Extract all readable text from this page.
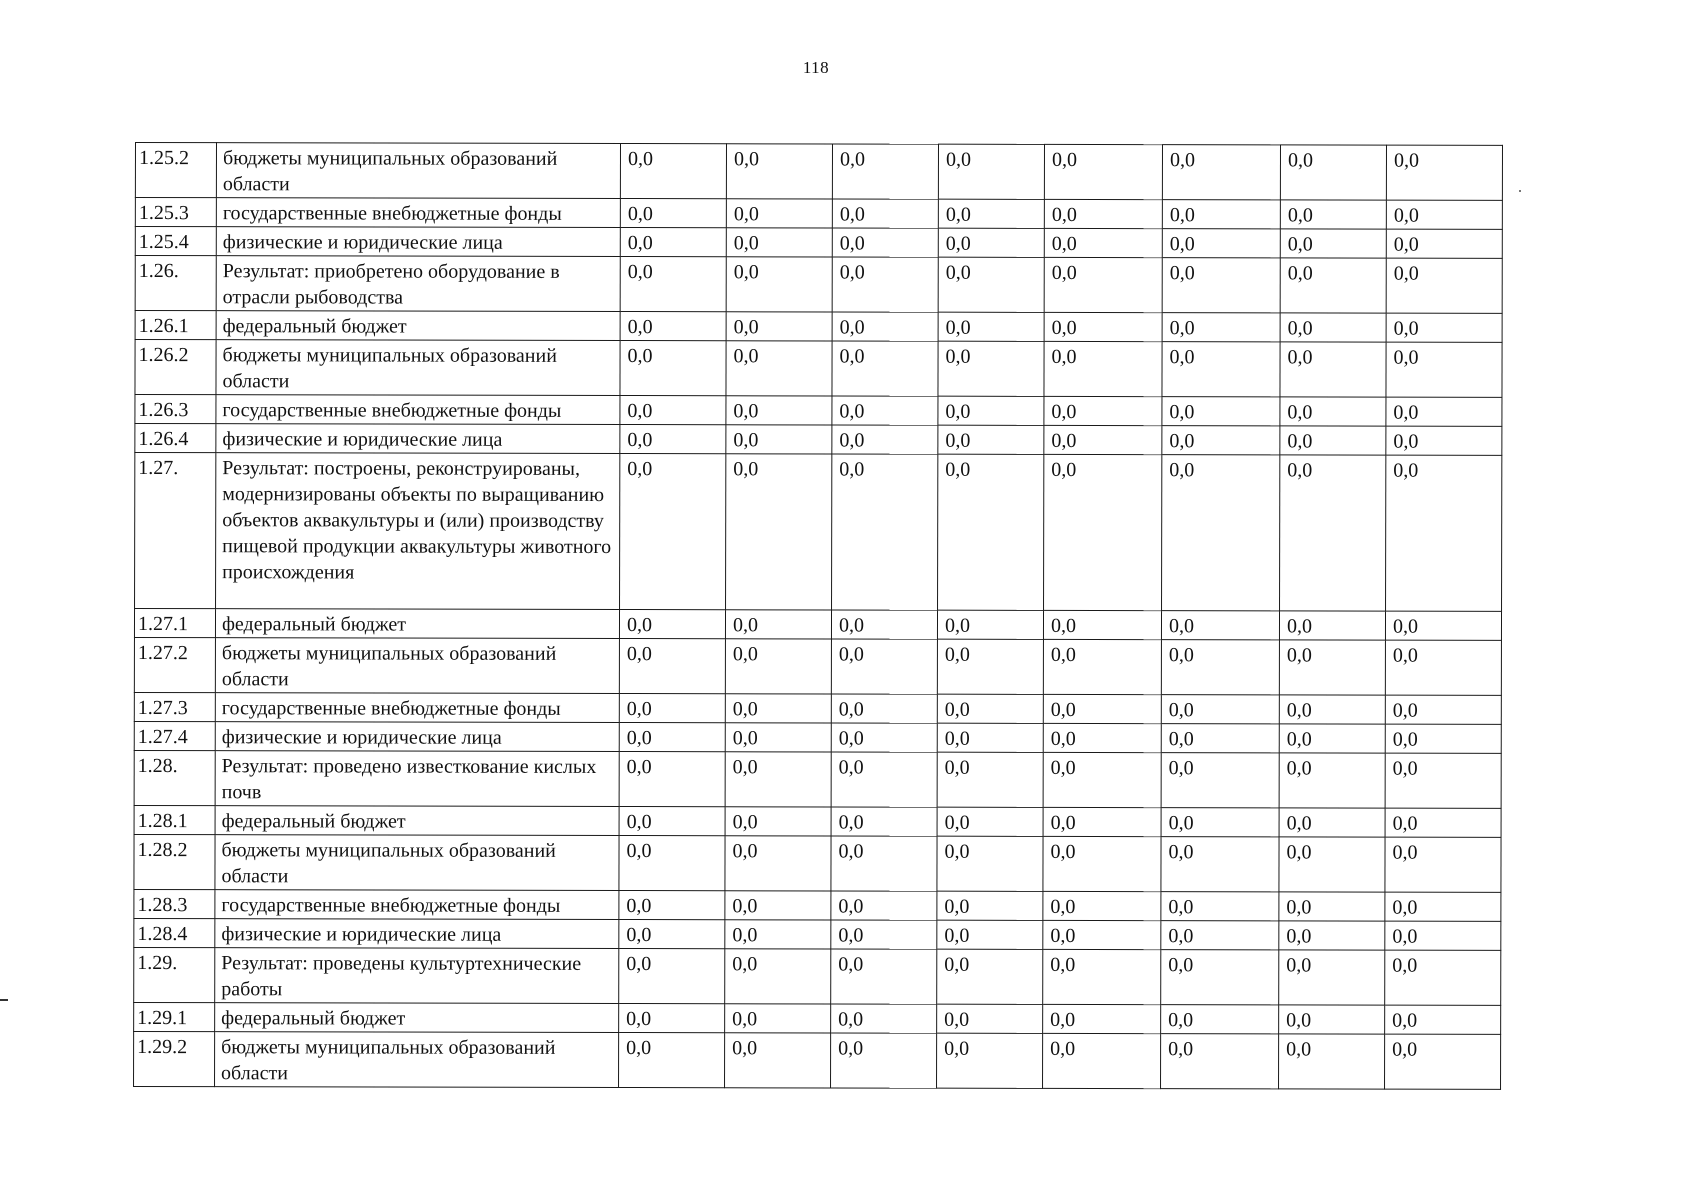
118
1.25.2	бюджеты муниципальных образований области	0,0	0,0	0,0	0,0	0,0	0,0	0,0	0,0
1.25.3	государственные внебюджетные фонды	0,0	0,0	0,0	0,0	0,0	0,0	0,0	0,0
1.25.4	физические и юридические лица	0,0	0,0	0,0	0,0	0,0	0,0	0,0	0,0
1.26.	Результат: приобретено оборудование в отрасли рыбоводства	0,0	0,0	0,0	0,0	0,0	0,0	0,0	0,0
1.26.1	федеральный бюджет	0,0	0,0	0,0	0,0	0,0	0,0	0,0	0,0
1.26.2	бюджеты муниципальных образований области	0,0	0,0	0,0	0,0	0,0	0,0	0,0	0,0
1.26.3	государственные внебюджетные фонды	0,0	0,0	0,0	0,0	0,0	0,0	0,0	0,0
1.26.4	физические и юридические лица	0,0	0,0	0,0	0,0	0,0	0,0	0,0	0,0
1.27.	Результат: построены, реконструированы, модернизированы объекты по выращиванию объектов аквакультуры и (или) производству пищевой продукции аквакультуры животного происхождения	0,0	0,0	0,0	0,0	0,0	0,0	0,0	0,0
1.27.1	федеральный бюджет	0,0	0,0	0,0	0,0	0,0	0,0	0,0	0,0
1.27.2	бюджеты муниципальных образований области	0,0	0,0	0,0	0,0	0,0	0,0	0,0	0,0
1.27.3	государственные внебюджетные фонды	0,0	0,0	0,0	0,0	0,0	0,0	0,0	0,0
1.27.4	физические и юридические лица	0,0	0,0	0,0	0,0	0,0	0,0	0,0	0,0
1.28.	Результат: проведено известкование кислых почв	0,0	0,0	0,0	0,0	0,0	0,0	0,0	0,0
1.28.1	федеральный бюджет	0,0	0,0	0,0	0,0	0,0	0,0	0,0	0,0
1.28.2	бюджеты муниципальных образований области	0,0	0,0	0,0	0,0	0,0	0,0	0,0	0,0
1.28.3	государственные внебюджетные фонды	0,0	0,0	0,0	0,0	0,0	0,0	0,0	0,0
1.28.4	физические и юридические лица	0,0	0,0	0,0	0,0	0,0	0,0	0,0	0,0
1.29.	Результат: проведены культуртехнические работы	0,0	0,0	0,0	0,0	0,0	0,0	0,0	0,0
1.29.1	федеральный бюджет	0,0	0,0	0,0	0,0	0,0	0,0	0,0	0,0
1.29.2	бюджеты муниципальных образований области	0,0	0,0	0,0	0,0	0,0	0,0	0,0	0,0
